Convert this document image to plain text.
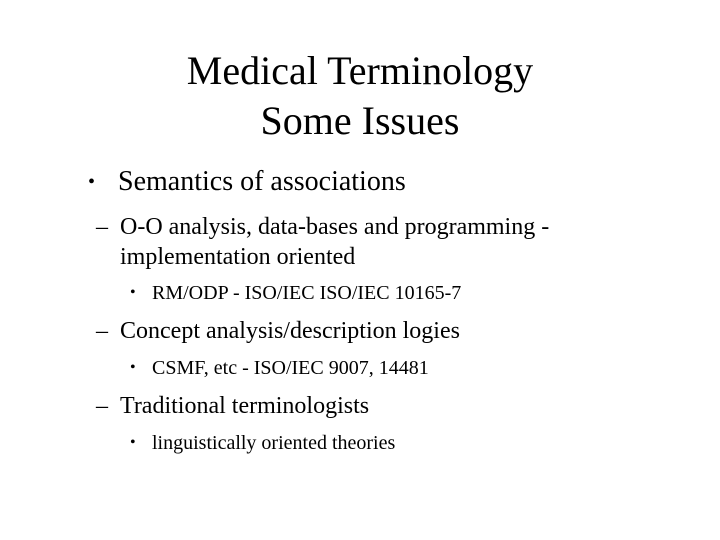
Medical Terminology
Some Issues
• Semantics of associations
– O-O analysis, data-bases and programming - implementation oriented
• RM/ODP - ISO/IEC ISO/IEC 10165-7
– Concept analysis/description logies
• CSMF, etc - ISO/IEC 9007, 14481
– Traditional terminologists
• linguistically oriented theories
